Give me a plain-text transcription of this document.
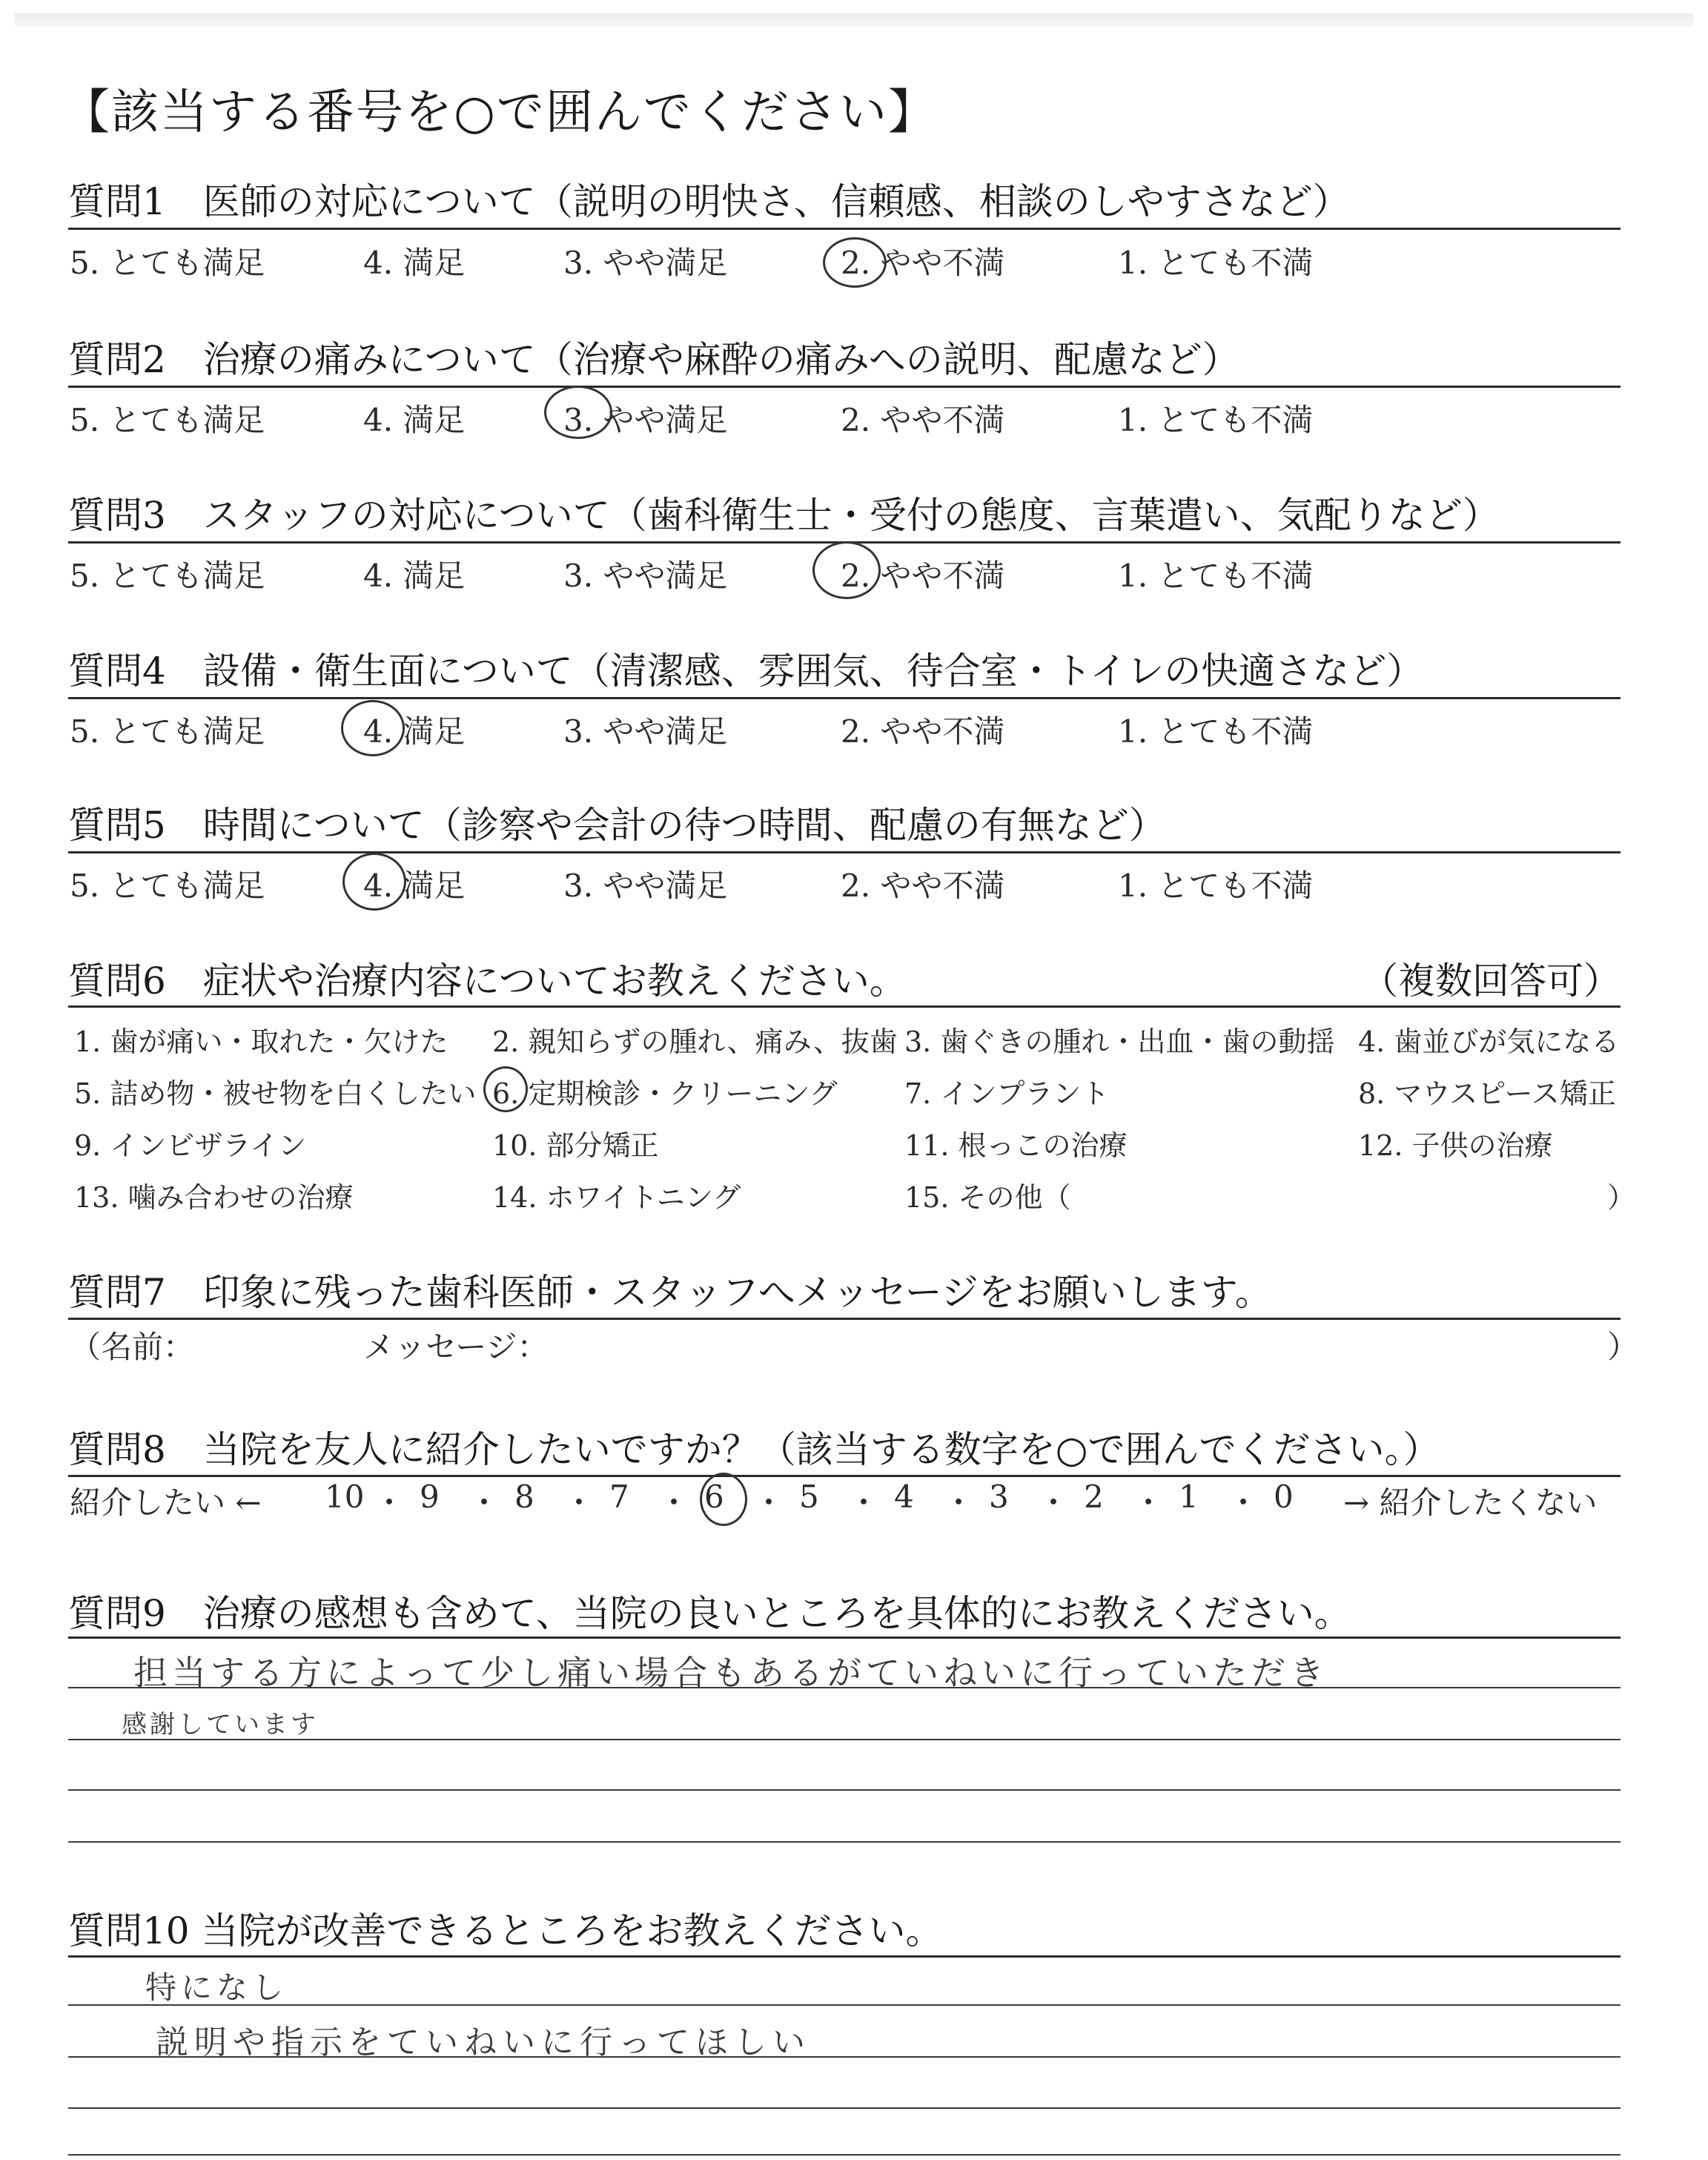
【該当する番号を○で囲んでください】
質問1　医師の対応について（説明の明快さ、信頼感、相談のしやすさなど）
5. とても満足	4. 満足	3. やや満足	2. やや不満	1. とても不満
質問2　治療の痛みについて（治療や麻酔の痛みへの説明、配慮など）
5. とても満足	4. 満足	3. やや満足	2. やや不満	1. とても不満
質問3　スタッフの対応について（歯科衛生士・受付の態度、言葉遣い、気配りなど）
5. とても満足	4. 満足	3. やや満足	2. やや不満	1. とても不満
質問4　設備・衛生面について（清潔感、雰囲気、待合室・トイレの快適さなど）
5. とても満足	4. 満足	3. やや満足	2. やや不満	1. とても不満
質問5　時間について（診察や会計の待つ時間、配慮の有無など）
5. とても満足	4. 満足	3. やや満足	2. やや不満	1. とても不満
質問6　症状や治療内容についてお教えください。	（複数回答可）
1. 歯が痛い・取れた・欠けた 2. 親知らずの腫れ、痛み、抜歯 3. 歯ぐきの腫れ・出血・歯の動揺 4. 歯並びが気になる
5. 詰め物・被せ物を白くしたい 6. 定期検診・クリーニング 7. インプラント	8. マウスピース矯正
9. インビザライン	10. 部分矯正	11. 根っこの治療	12. 子供の治療
13. 噛み合わせの治療	14. ホワイトニング	15. その他（	）
質問7　印象に残った歯科医師・スタッフへメッセージをお願いします。
（名前：	メッセージ：	）
質問8　当院を友人に紹介したいですか？（該当する数字を○で囲んでください。）
紹介したい ← 10 ・ 9 ・ 8 ・ 7 ・ 6 ・ 5 ・ 4 ・ 3 ・ 2 ・ 1 ・ 0 → 紹介したくない
質問9　治療の感想も含めて、当院の良いところを具体的にお教えください。
担当する方によって少し痛い場合もあるがていねいに行っていただき
感謝しています
質問10 当院が改善できるところをお教えください。
特になし
説明や指示をていねいに行ってほしい
